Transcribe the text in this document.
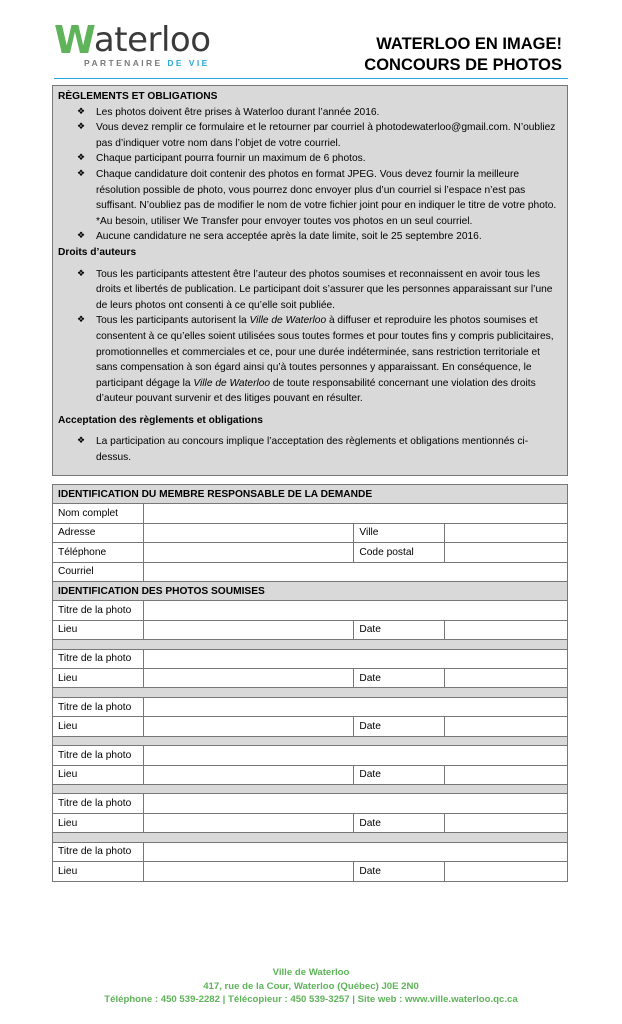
W aterloo
PARTENAIRE DE VIE
WATERLOO EN IMAGE!
CONCOURS DE PHOTOS

RÈGLEMENTS ET OBLIGATIONS

❖ Les photos doivent être prises à Waterloo durant l’année 2016.
❖ Vous devez remplir ce formulaire et le retourner par courriel à photodewaterloo@gmail.com. N’oubliez pas d’indiquer votre nom dans l’objet de votre courriel.
❖ Chaque participant pourra fournir un maximum de 6 photos.
❖ Chaque candidature doit contenir des photos en format JPEG. Vous devez fournir la meilleure résolution possible de photo, vous pourrez donc envoyer plus d’un courriel si l’espace n’est pas suffisant. N’oubliez pas de modifier le nom de votre fichier joint pour en indiquer le titre de votre photo. *Au besoin, utiliser We Transfer pour envoyer toutes vos photos en un seul courriel.
❖ Aucune candidature ne sera acceptée après la date limite, soit le 25 septembre 2016.

Droits d’auteurs

❖ Tous les participants attestent être l’auteur des photos soumises et reconnaissent en avoir tous les droits et libertés de publication. Le participant doit s’assurer que les personnes apparaissant sur l’une de leurs photos ont consenti à ce qu’elle soit publiée.
❖ Tous les participants autorisent la Ville de Waterloo à diffuser et reproduire les photos soumises et consentent à ce qu’elles soient utilisées sous toutes formes et pour toutes fins y compris publicitaires, promotionnelles et commerciales et ce, pour une durée indéterminée, sans restriction territoriale et sans compensation à son égard ainsi qu’à toutes personnes y apparaissant. En conséquence, le participant dégage la Ville de Waterloo de toute responsabilité concernant une violation des droits d’auteur pouvant survenir et des litiges pouvant en résulter.

Acceptation des règlements et obligations

❖ La participation au concours implique l’acceptation des règlements et obligations mentionnés ci-dessus.
IDENTIFICATION DU MEMBRE RESPONSABLE DE LA DEMANDE			
Nom complet			
Adresse		Ville	
Téléphone		Code postal	
Courriel			
IDENTIFICATION DES PHOTOS SOUMISES			
Titre de la photo			
Lieu		Date	

Titre de la photo			
Lieu		Date	

Titre de la photo			
Lieu		Date	

Titre de la photo			
Lieu		Date	

Titre de la photo			
Lieu		Date	

Titre de la photo			
Lieu		Date	
Ville de Waterloo
417, rue de la Cour, Waterloo (Québec) J0E 2N0
Téléphone : 450 539-2282 | Télécopieur : 450 539-3257 | Site web : www.ville.waterloo.qc.ca
